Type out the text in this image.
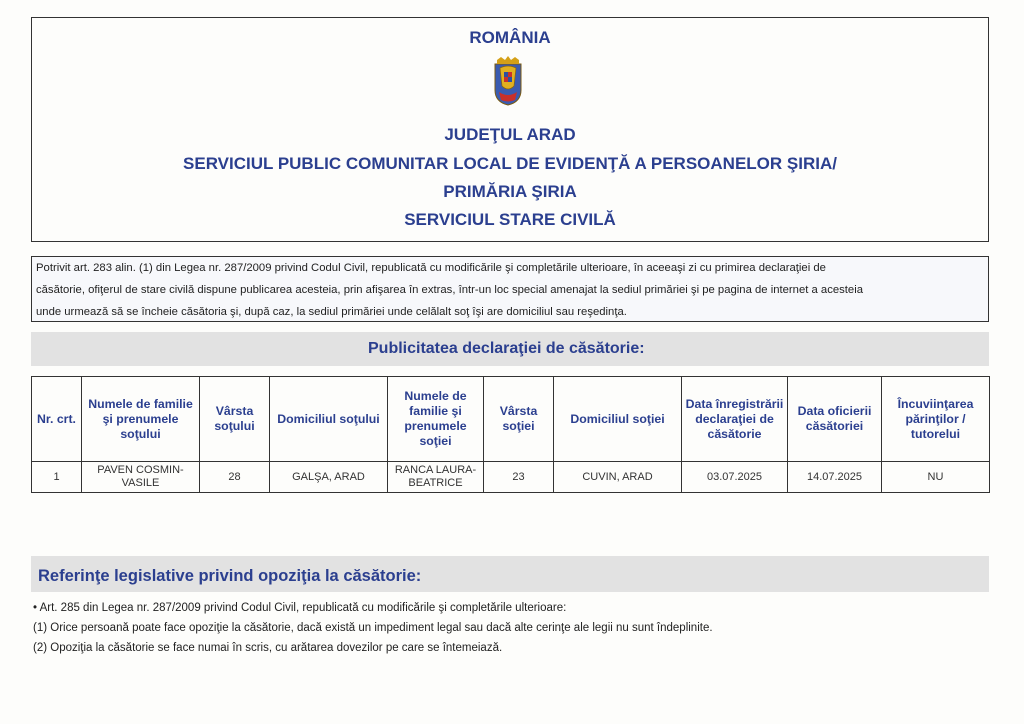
ROMÂNIA
JUDEŢUL ARAD
SERVICIUL PUBLIC COMUNITAR LOCAL DE EVIDENŢĂ A PERSOANELOR ŞIRIA/
PRIMĂRIA ŞIRIA
SERVICIUL STARE CIVILĂ

Potrivit art. 283 alin. (1) din Legea nr. 287/2009 privind Codul Civil, republicată cu modificările şi completările ulterioare, în aceeaşi zi cu primirea declaraţiei de

căsătorie, ofiţerul de stare civilă dispune publicarea acesteia, prin afişarea în extras, într-un loc special amenajat la sediul primăriei şi pe pagina de internet a acesteia

unde urmează să se încheie căsătoria şi, după caz, la sediul primăriei unde celălalt soţ îşi are domiciliul sau reşedinţa.

Publicitatea declaraţiei de căsătorie:
Nr. crt.	Numele de familie şi prenumele soţului	Vârsta soţului	Domiciliul soţului	Numele de familie şi prenumele soţiei	Vârsta soţiei	Domiciliul soţiei	Data înregistrării declaraţiei de căsătorie	Data oficierii căsătoriei	Încuviinţarea părinţilor / tutorelui
1	PAVEN COSMIN-VASILE	28	GALŞA, ARAD	RANCA LAURA-BEATRICE	23	CUVIN, ARAD	03.07.2025	14.07.2025	NU
Referinţe legislative privind opoziţia la căsătorie:

• Art. 285 din Legea nr. 287/2009 privind Codul Civil, republicată cu modificările şi completările ulterioare:

(1) Orice persoană poate face opoziţie la căsătorie, dacă există un impediment legal sau dacă alte cerinţe ale legii nu sunt îndeplinite.

(2) Opoziţia la căsătorie se face numai în scris, cu arătarea dovezilor pe care se întemeiază.
